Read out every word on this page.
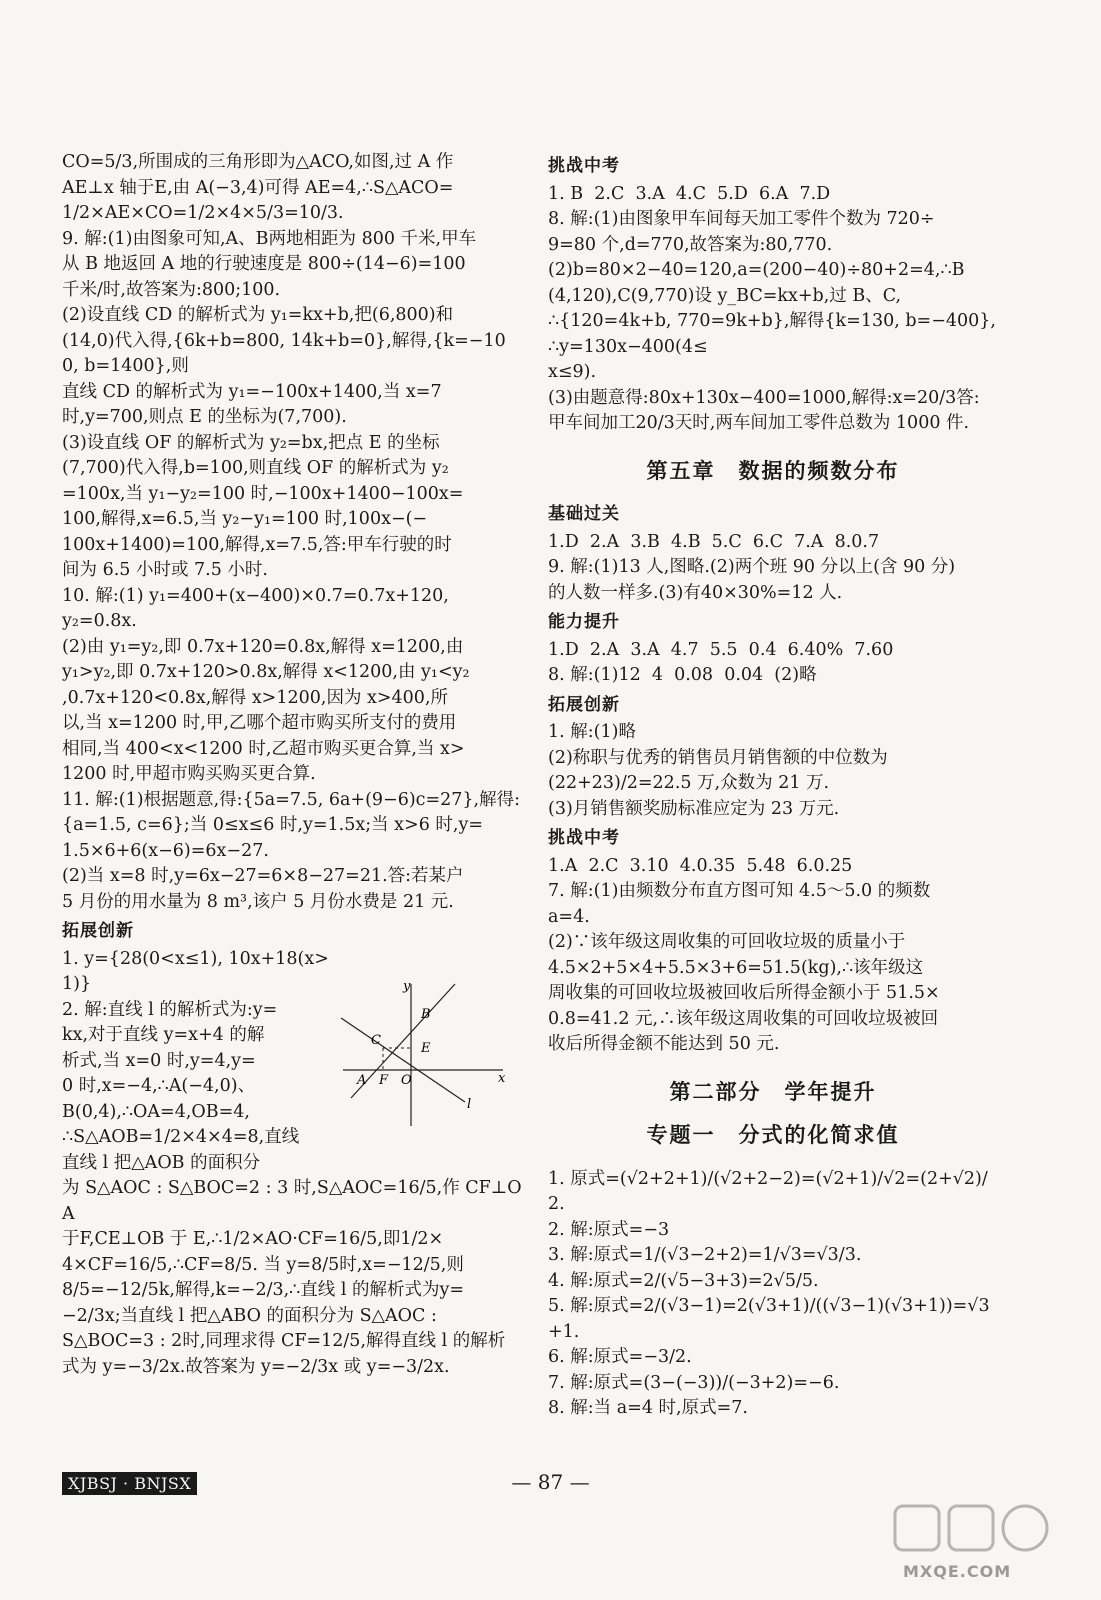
CO=5/3,所围成的三角形即为△ACO,如图,过 A 作
AE⊥x 轴于E,由 A(−3,4)可得 AE=4,∴S△ACO=
1/2×AE×CO=1/2×4×5/3=10/3.
9. 解:(1)由图象可知,A、B两地相距为 800 千米,甲车
从 B 地返回 A 地的行驶速度是 800÷(14−6)=100
千米/时,故答案为:800;100.
(2)设直线 CD 的解析式为 y₁=kx+b,把(6,800)和
(14,0)代入得,{6k+b=800, 14k+b=0},解得,{k=−100, b=1400},则
直线 CD 的解析式为 y₁=−100x+1400,当 x=7
时,y=700,则点 E 的坐标为(7,700).
(3)设直线 OF 的解析式为 y₂=bx,把点 E 的坐标
(7,700)代入得,b=100,则直线 OF 的解析式为 y₂
=100x,当 y₁−y₂=100 时,−100x+1400−100x=
100,解得,x=6.5,当 y₂−y₁=100 时,100x−(−
100x+1400)=100,解得,x=7.5,答:甲车行驶的时
间为 6.5 小时或 7.5 小时.
10. 解:(1) y₁=400+(x−400)×0.7=0.7x+120,
y₂=0.8x.
(2)由 y₁=y₂,即 0.7x+120=0.8x,解得 x=1200,由
y₁>y₂,即 0.7x+120>0.8x,解得 x<1200,由 y₁<y₂
,0.7x+120<0.8x,解得 x>1200,因为 x>400,所
以,当 x=1200 时,甲,乙哪个超市购买所支付的费用
相同,当 400<x<1200 时,乙超市购买更合算,当 x>
1200 时,甲超市购买购买更合算.
11. 解:(1)根据题意,得:{5a=7.5, 6a+(9−6)c=27},解得:
{a=1.5, c=6};当 0≤x≤6 时,y=1.5x;当 x>6 时,y=
1.5×6+6(x−6)=6x−27.
(2)当 x=8 时,y=6x−27=6×8−27=21.答:若某户
5 月份的用水量为 8 m³,该户 5 月份水费是 21 元.
拓展创新
1. y={28(0<x≤1), 10x+18(x>1)}
2. 解:直线 l 的解析式为:y=
kx,对于直线 y=x+4 的解
析式,当 x=0 时,y=4,y=
0 时,x=−4,∴A(−4,0)、
B(0,4),∴OA=4,OB=4,
∴S△AOB=1/2×4×4=8,直线
直线 l 把△AOB 的面积分
为 S△AOC : S△BOC=2 : 3 时,S△AOC=16/5,作 CF⊥OA
于F,CE⊥OB 于 E,∴1/2×AO·CF=16/5,即1/2×
4×CF=16/5,∴CF=8/5. 当 y=8/5时,x=−12/5,则
8/5=−12/5k,解得,k=−2/3,∴直线 l 的解析式为y=
−2/3x;当直线 l 把△ABO 的面积分为 S△AOC :
S△BOC=3 : 2时,同理求得 CF=12/5,解得直线 l 的解析
式为 y=−3/2x.故答案为 y=−2/3x 或 y=−3/2x.
y
x
B
C
E
A F O
l
挑战中考
1. B  2.C  3.A  4.C  5.D  6.A  7.D
8. 解:(1)由图象甲车间每天加工零件个数为 720÷
9=80 个,d=770,故答案为:80,770.
(2)b=80×2−40=120,a=(200−40)÷80+2=4,∴B
(4,120),C(9,770)设 y_BC=kx+b,过 B、C,
∴{120=4k+b, 770=9k+b},解得{k=130, b=−400},∴y=130x−400(4≤
x≤9).
(3)由题意得:80x+130x−400=1000,解得:x=20/3答:
甲车间加工20/3天时,两车间加工零件总数为 1000 件.
第五章　数据的频数分布
基础过关
1.D  2.A  3.B  4.B  5.C  6.C  7.A  8.0.7
9. 解:(1)13 人,图略.(2)两个班 90 分以上(含 90 分)
的人数一样多.(3)有40×30%=12 人.
能力提升
1.D  2.A  3.A  4.7  5.5  0.4  6.40%  7.60
8. 解:(1)12  4  0.08  0.04  (2)略
拓展创新
1. 解:(1)略
(2)称职与优秀的销售员月销售额的中位数为
(22+23)/2=22.5 万,众数为 21 万.
(3)月销售额奖励标准应定为 23 万元.
挑战中考
1.A  2.C  3.10  4.0.35  5.48  6.0.25
7. 解:(1)由频数分布直方图可知 4.5～5.0 的频数
a=4.
(2)∵该年级这周收集的可回收垃圾的质量小于
4.5×2+5×4+5.5×3+6=51.5(kg),∴该年级这
周收集的可回收垃圾被回收后所得金额小于 51.5×
0.8=41.2 元,∴该年级这周收集的可回收垃圾被回
收后所得金额不能达到 50 元.
第二部分　学年提升
专题一　分式的化简求值
1. 原式=(√2+2+1)/(√2+2−2)=(√2+1)/√2=(2+√2)/2.
2. 解:原式=−3
3. 解:原式=1/(√3−2+2)=1/√3=√3/3.
4. 解:原式=2/(√5−3+3)=2√5/5.
5. 解:原式=2/(√3−1)=2(√3+1)/((√3−1)(√3+1))=√3+1.
6. 解:原式=−3/2.
7. 解:原式=(3−(−3))/(−3+2)=−6.
8. 解:当 a=4 时,原式=7.
XJBSJ · BNJSX	— 87 —
MXQE.COM
